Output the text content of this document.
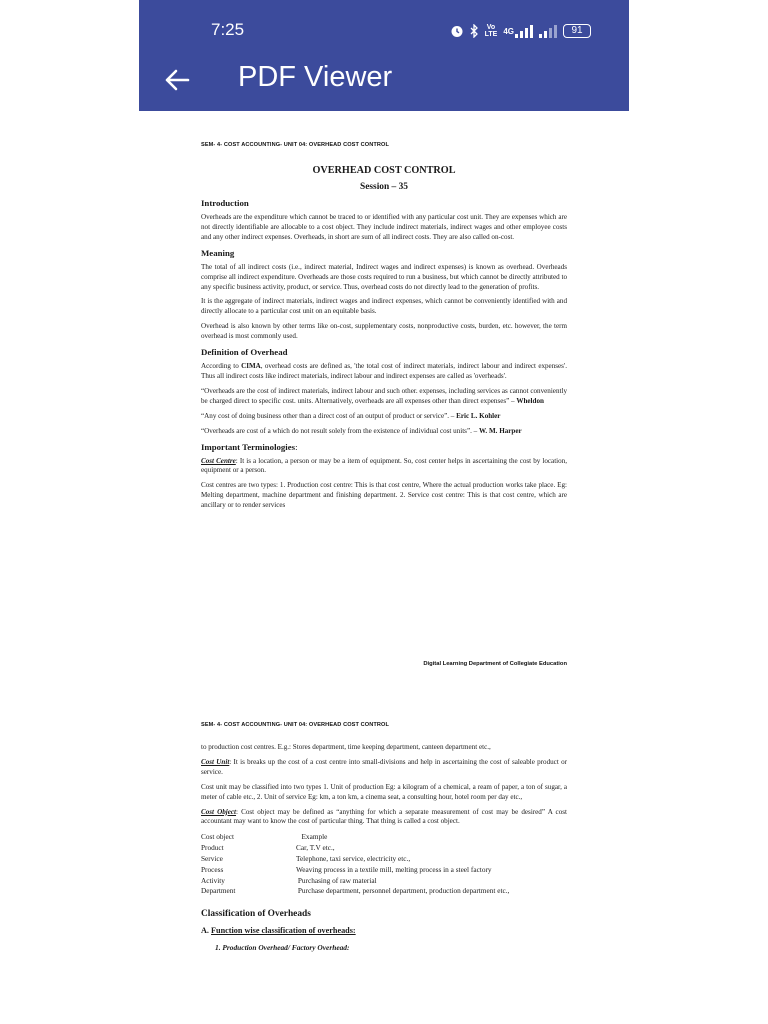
7:25	Vo
LTE 4G	91
PDF Viewer
SEM- 4- COST ACCOUNTING- UNIT 04: OVERHEAD COST CONTROL
OVERHEAD COST CONTROL
Session – 35
Introduction
Overheads are the expenditure which cannot be traced to or identified with any particular cost unit. They are expenses which are not directly identifiable are allocable to a cost object. They include indirect materials, indirect wages and other employee costs and any other indirect expenses. Overheads, in short are sum of all indirect costs. They are also called on-cost.
Meaning
The total of all indirect costs (i.e., indirect material, Indirect wages and indirect expenses) is known as overhead. Overheads comprise all indirect expenditure. Overheads are those costs required to run a business, but which cannot be directly attributed to any specific business activity, product, or service. Thus, overhead costs do not directly lead to the generation of profits.
It is the aggregate of indirect materials, indirect wages and indirect expenses, which cannot be conveniently identified with and directly allocate to a particular cost unit on an equitable basis.
Overhead is also known by other terms like on-cost, supplementary costs, nonproductive costs, burden, etc. however, the term overhead is most commonly used.
Definition of Overhead
According to CIMA, overhead costs are defined as, 'the total cost of indirect materials, indirect labour and indirect expenses'. Thus all indirect costs like indirect materials, indirect labour and indirect expenses are called as 'overheads'.
“Overheads are the cost of indirect materials, indirect labour and such other. expenses, including services as cannot conveniently be charged direct to specific cost. units. Alternatively, overheads are all expenses other than direct expenses” – Wheldon
“Any cost of doing business other than a direct cost of an output of product or service”. – Eric L. Kohler
“Overheads are cost of a which do not result solely from the existence of individual cost units”. – W. M. Harper
Important Terminologies:
Cost Centre: It is a location, a person or may be a item of equipment. So, cost center helps in ascertaining the cost by location, equipment or a person.
Cost centres are two types: 1. Production cost centre: This is that cost centre, Where the actual production works take place. Eg: Melting department, machine department and finishing department. 2. Service cost centre: This is that cost centre, which are ancillary or to render services
Digital Learning Department of Collegiate Education
SEM- 4- COST ACCOUNTING- UNIT 04: OVERHEAD COST CONTROL
to production cost centres. E.g.: Stores department, time keeping department, canteen department etc.,
Cost Unit: It is breaks up the cost of a cost centre into small-divisions and help in ascertaining the cost of saleable product or service.
Cost unit may be classified into two types 1. Unit of production Eg: a kilogram of a chemical, a ream of paper, a ton of sugar, a meter of cable etc., 2. Unit of service Eg: km, a ton km, a cinema seat, a consulting hour, hotel room per day etc.,
Cost Object: Cost object may be defined as “anything for which a separate measurement of cost may be desired” A cost accountant may want to know the cost of particular thing. That thing is called a cost object.
Cost object	Example
Product	Car, T.V etc.,
Service	Telephone, taxi service, electricity etc.,
Process	Weaving process in a textile mill, melting process in a steel factory
Activity	Purchasing of raw material
Department	Purchase department, personnel department, production department etc.,
Classification of Overheads
A. Function wise classification of overheads:
1. Production Overhead/ Factory Overhead:
